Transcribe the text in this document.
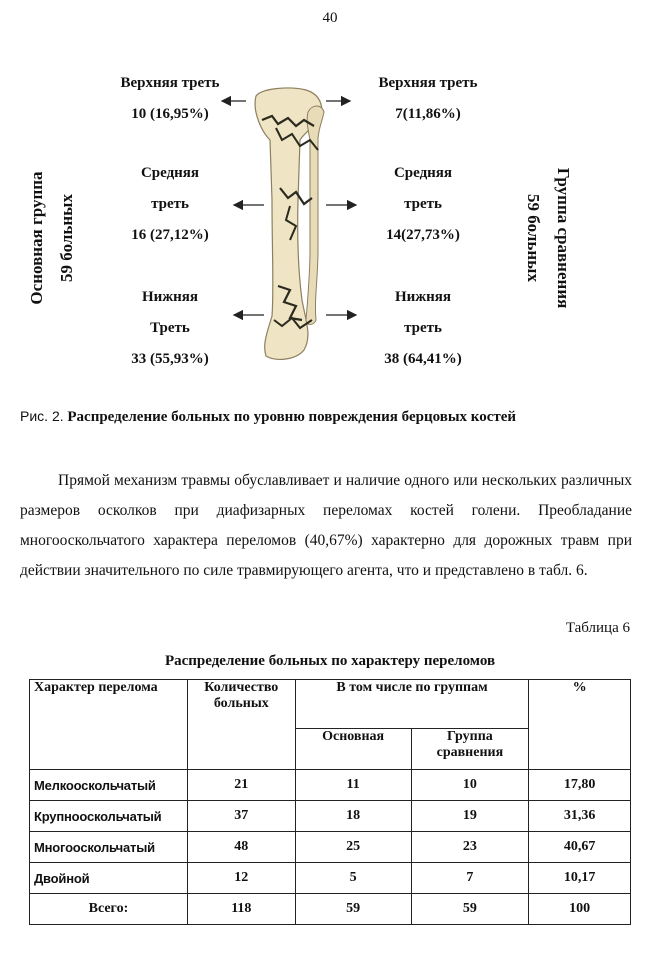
40
Основная группа 59 больных	Группа сравнения
59 больных
Верхняя треть
10 (16,95%)
Средняя
треть
16 (27,12%)
Нижняя
Треть
33 (55,93%)
Верхняя треть
7(11,86%)
Средняя
треть
14(27,73%)
Нижняя
треть
38 (64,41%)
Рис. 2. Распределение больных по уровню повреждения берцовых костей
Прямой механизм травмы обуславливает и наличие одного или нескольких различных размеров осколков при диафизарных переломах костей голени. Преобладание многооскольчатого характера переломов (40,67%) характерно для дорожных травм при действии значительного по силе травмирующего агента, что и представлено в табл. 6.
Таблица 6
Распределение больных по характеру переломов
Характер перелома	Количество больных	В том числе по группам		%
		Основная	Группа сравнения	
Мелкооскольчатый	21	11	10	17,80
Крупнооскольчатый	37	18	19	31,36
Многооскольчатый	48	25	23	40,67
Двойной	12	5	7	10,17
Всего:	118	59	59	100
